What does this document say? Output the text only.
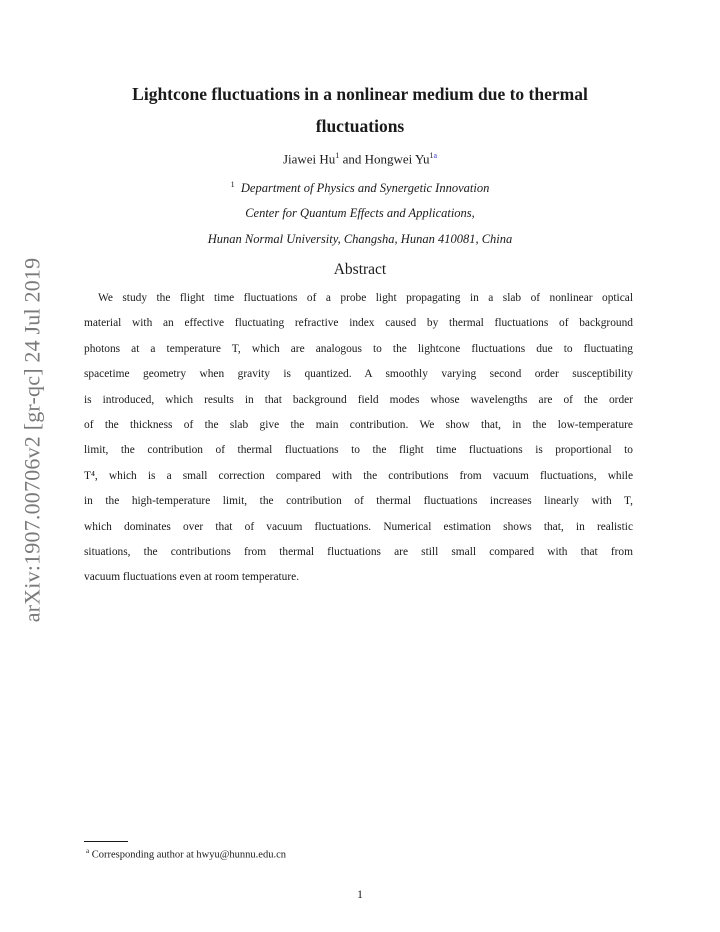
arXiv:1907.00706v2 [gr-qc] 24 Jul 2019
Lightcone fluctuations in a nonlinear medium due to thermal
fluctuations
Jiawei Hu$^1$ and Hongwei $Yu^{1a}$
$^1$ Department of Physics and Synergetic Innovation
Center for Quantum Effects and Applications,
Hunan Normal University, Changsha, Hunan 410081, China
Abstract
We study the flight time fluctuations of a probe light propagating in a slab of nonlinear optical
material with an effective fluctuating refractive index caused by thermal fluctuations of background
photons at a temperature T, which are analogous to the lightcone fluctuations due to fluctuating
spacetime geometry when gravity is quantized. A smoothly varying second order susceptibility
is introduced, which results in that background field modes whose wavelengths are of the order
of the thickness of the slab give the main contribution. We show that, in the low-temperature
limit, the contribution of thermal fluctuations to the flight time fluctuations is proportional to
T⁴, which is a small correction compared with the contributions from vacuum fluctuations, while
in the high-temperature limit, the contribution of thermal fluctuations increases linearly with T,
which dominates over that of vacuum fluctuations. Numerical estimation shows that, in realistic
situations, the contributions from thermal fluctuations are still small compared with that from
vacuum fluctuations even at room temperature.
$^a$ Corresponding author at hwyu@hunnu.edu.cn
1
